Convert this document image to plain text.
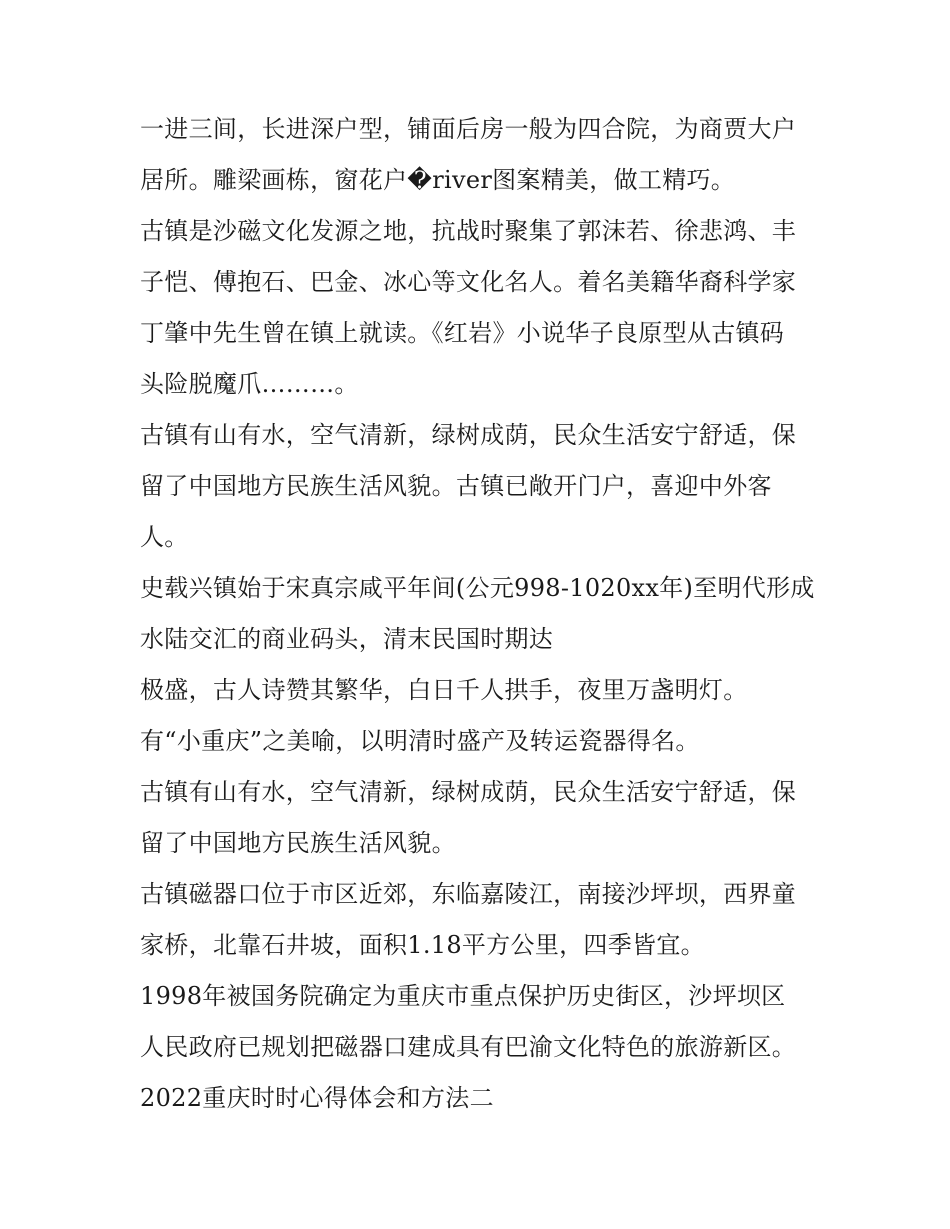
一进三间，长进深户型，铺面后房一般为四合院，为商贾大户
居所。雕梁画栋，窗花户�river图案精美，做工精巧。
古镇是沙磁文化发源之地，抗战时聚集了郭沫若、徐悲鸿、丰
子恺、傅抱石、巴金、冰心等文化名人。着名美籍华裔科学家
丁肇中先生曾在镇上就读。《红岩》小说华子良原型从古镇码
头险脱魔爪………。
古镇有山有水，空气清新，绿树成荫，民众生活安宁舒适，保
留了中国地方民族生活风貌。古镇已敞开门户，喜迎中外客
人。
史载兴镇始于宋真宗咸平年间(公元998-1020xx年)至明代形成
水陆交汇的商业码头，清末民国时期达
极盛，古人诗赞其繁华，白日千人拱手，夜里万盏明灯。
有“小重庆”之美喻，以明清时盛产及转运瓷器得名。
古镇有山有水，空气清新，绿树成荫，民众生活安宁舒适，保
留了中国地方民族生活风貌。
古镇磁器口位于市区近郊，东临嘉陵江，南接沙坪坝，西界童
家桥，北靠石井坡，面积1.18平方公里，四季皆宜。
1998年被国务院确定为重庆市重点保护历史街区，沙坪坝区
人民政府已规划把磁器口建成具有巴渝文化特色的旅游新区。
2022重庆时时心得体会和方法二
